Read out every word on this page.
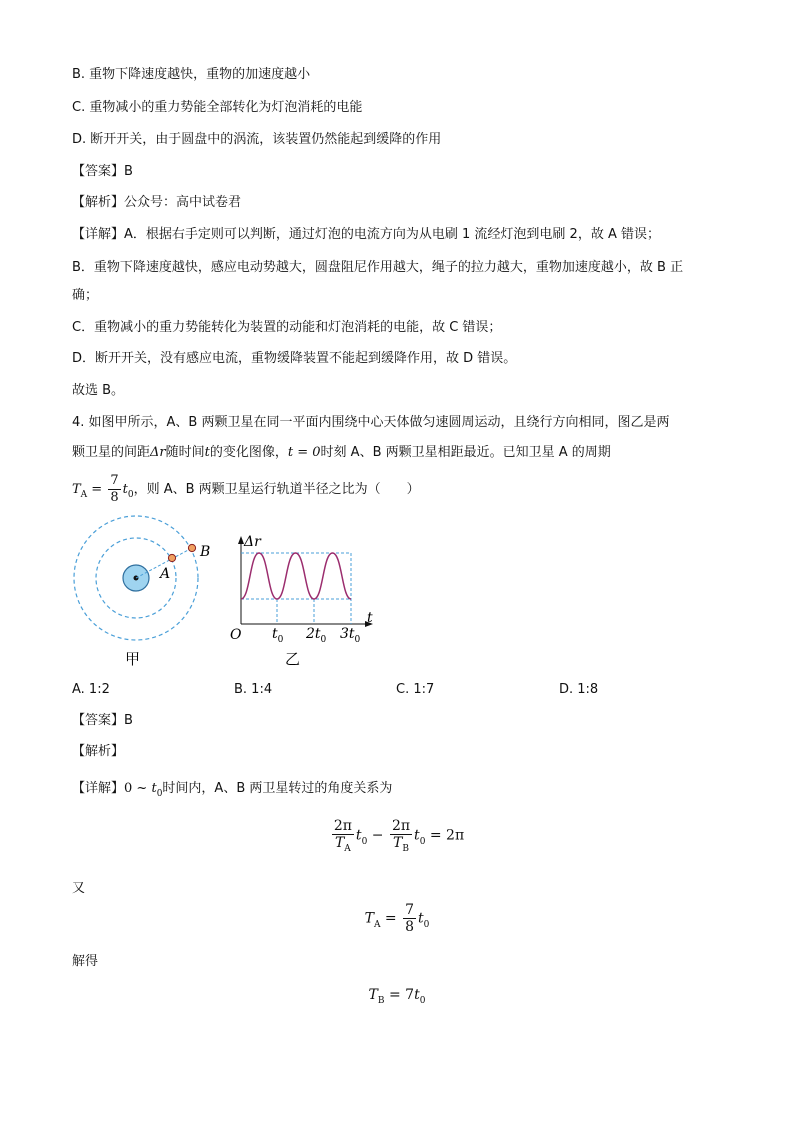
B. 重物下降速度越快，重物的加速度越小
C. 重物减小的重力势能全部转化为灯泡消耗的电能
D. 断开开关，由于圆盘中的涡流，该装置仍然能起到缓降的作用
【答案】B
【解析】公众号：高中试卷君
【详解】A．根据右手定则可以判断，通过灯泡的电流方向为从电刷 1 流经灯泡到电刷 2，故 A 错误；
B．重物下降速度越快，感应电动势越大，圆盘阻尼作用越大，绳子的拉力越大，重物加速度越小，故 B 正
确；
C．重物减小的重力势能转化为装置的动能和灯泡消耗的电能，故 C 错误；
D．断开开关，没有感应电流，重物缓降装置不能起到缓降作用，故 D 错误。
故选 B。
4. 如图甲所示，A、B 两颗卫星在同一平面内围绕中心天体做匀速圆周运动，且绕行方向相同，图乙是两
颗卫星的间距Δr随时间t的变化图像，t = 0时刻 A、B 两颗卫星相距最近。已知卫星 A 的周期
$T_A = \frac{7}{8} t_0$，则 A、B 两颗卫星运行轨道半径之比为（　　）
A
B
甲
Δr
t
O $t_0$ $2t_0$ $3t_0$
乙
A. 1:2	B. 1:4	C. 1:7	D. 1:8
【答案】B
【解析】
【详解】0 ~ $t_0$时间内，A、B 两卫星转过的角度关系为
$\frac{2\pi}{T_A} t_0 - \frac{2\pi}{T_B} t_0 = 2\pi$
又
$T_A = \frac{7}{8} t_0$
解得
$T_B = 7t_0$
